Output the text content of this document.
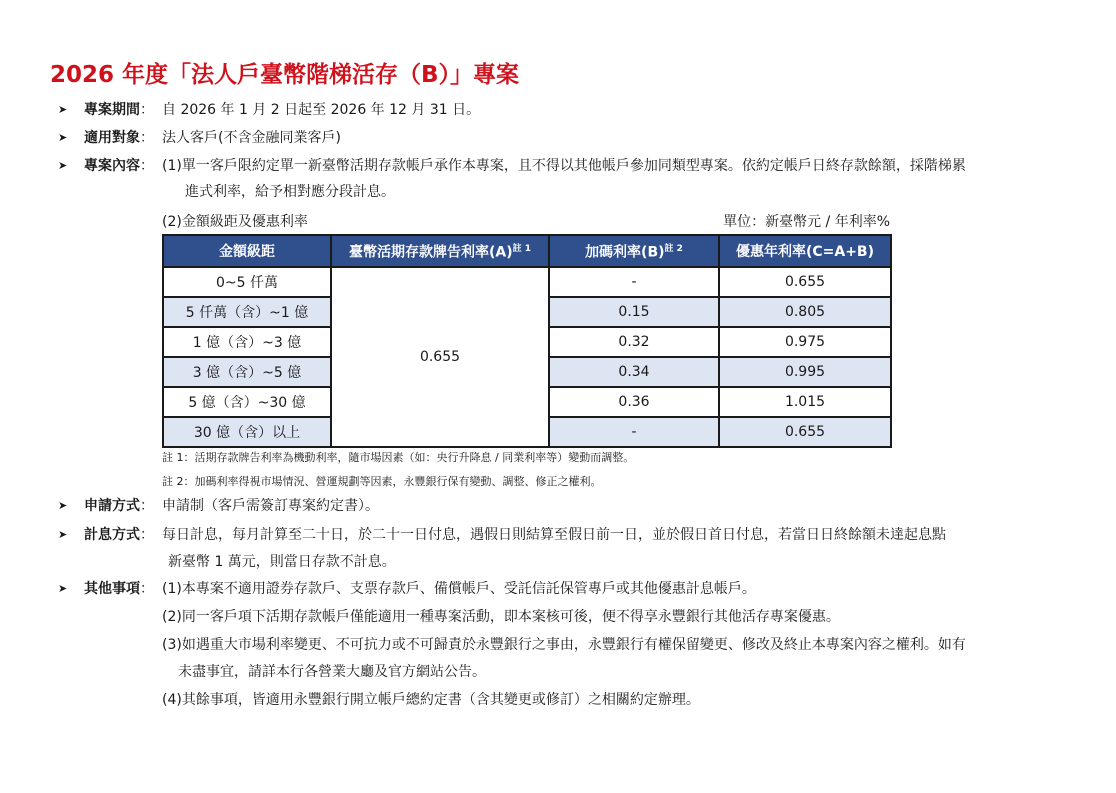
2026 年度「法人戶臺幣階梯活存（B）」專案
➤ 專案期間： 自 2026 年 1 月 2 日起至 2026 年 12 月 31 日。
➤ 適用對象： 法人客戶(不含金融同業客戶)
➤ 專案內容： (1)單一客戶限約定單一新臺幣活期存款帳戶承作本專案，且不得以其他帳戶參加同類型專案。依約定帳戶日終存款餘額，採階梯累
進式利率，給予相對應分段計息。
(2)金額級距及優惠利率	單位：新臺幣元 / 年利率%
金額級距	臺幣活期存款牌告利率$(A)^{註 1}$	加碼利率$(B)^{註 2}$	優惠年利率(C=A+B)
0~5 仟萬	0.655	-	0.655
5 仟萬（含）~1 億		0.15	0.805
1 億（含）~3 億		0.32	0.975
3 億（含）~5 億		0.34	0.995
5 億（含）~30 億		0.36	1.015
30 億（含）以上		-	0.655
註 1：活期存款牌告利率為機動利率，隨市場因素（如：央行升降息 / 同業利率等）變動而調整。
註 2：加碼利率得視市場情況、營運規劃等因素，永豐銀行保有變動、調整、修正之權利。
➤ 申請方式： 申請制（客戶需簽訂專案約定書）。
➤ 計息方式： 每日計息，每月計算至二十日，於二十一日付息，遇假日則結算至假日前一日，並於假日首日付息，若當日日終餘額未達起息點
新臺幣 1 萬元，則當日存款不計息。
➤ 其他事項： (1)本專案不適用證券存款戶、支票存款戶、備償帳戶、受託信託保管專戶或其他優惠計息帳戶。
(2)同一客戶項下活期存款帳戶僅能適用一種專案活動，即本案核可後，便不得享永豐銀行其他活存專案優惠。
(3)如遇重大市場利率變更、不可抗力或不可歸責於永豐銀行之事由，永豐銀行有權保留變更、修改及終止本專案內容之權利。如有
未盡事宜，請詳本行各營業大廳及官方網站公告。
(4)其餘事項，皆適用永豐銀行開立帳戶總約定書（含其變更或修訂）之相關約定辦理。
